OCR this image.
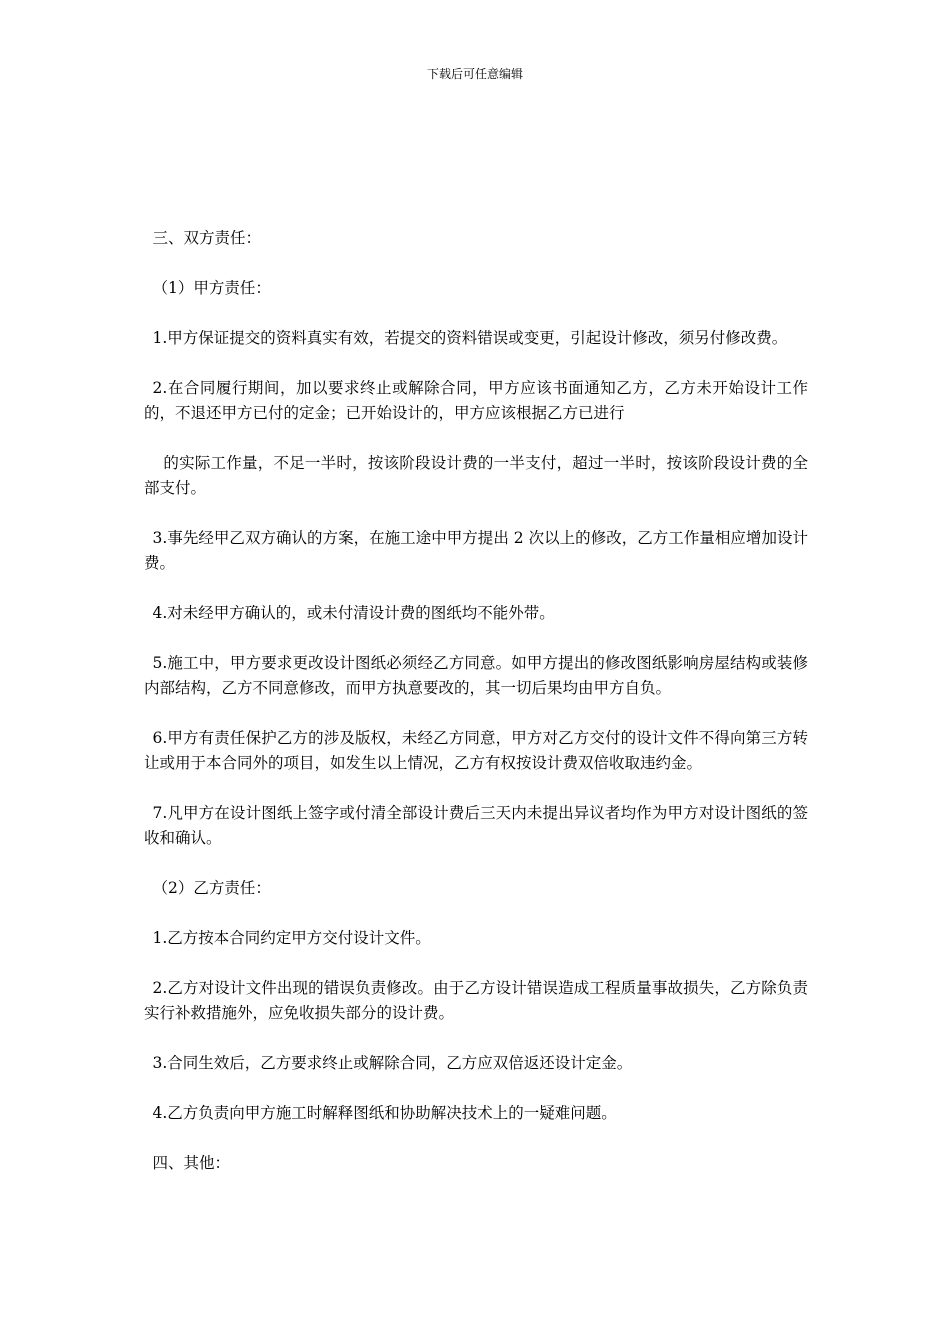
下载后可任意编辑

三、双方责任：

（1）甲方责任：

1.甲方保证提交的资料真实有效，若提交的资料错误或变更，引起设计修改，须另付修改费。

2.在合同履行期间，加以要求终止或解除合同，甲方应该书面通知乙方，乙方未开始设计工作的，不退还甲方已付的定金；已开始设计的，甲方应该根据乙方已进行

的实际工作量，不足一半时，按该阶段设计费的一半支付，超过一半时，按该阶段设计费的全部支付。

3.事先经甲乙双方确认的方案，在施工途中甲方提出 2 次以上的修改，乙方工作量相应增加设计费。

4.对未经甲方确认的，或未付清设计费的图纸均不能外带。

5.施工中，甲方要求更改设计图纸必须经乙方同意。如甲方提出的修改图纸影响房屋结构或装修内部结构，乙方不同意修改，而甲方执意要改的，其一切后果均由甲方自负。

6.甲方有责任保护乙方的涉及版权，未经乙方同意，甲方对乙方交付的设计文件不得向第三方转让或用于本合同外的项目，如发生以上情况，乙方有权按设计费双倍收取违约金。

7.凡甲方在设计图纸上签字或付清全部设计费后三天内未提出异议者均作为甲方对设计图纸的签收和确认。

（2）乙方责任：

1.乙方按本合同约定甲方交付设计文件。

2.乙方对设计文件出现的错误负责修改。由于乙方设计错误造成工程质量事故损失，乙方除负责实行补救措施外，应免收损失部分的设计费。

3.合同生效后，乙方要求终止或解除合同，乙方应双倍返还设计定金。

4.乙方负责向甲方施工时解释图纸和协助解决技术上的一疑难问题。

四、其他：
